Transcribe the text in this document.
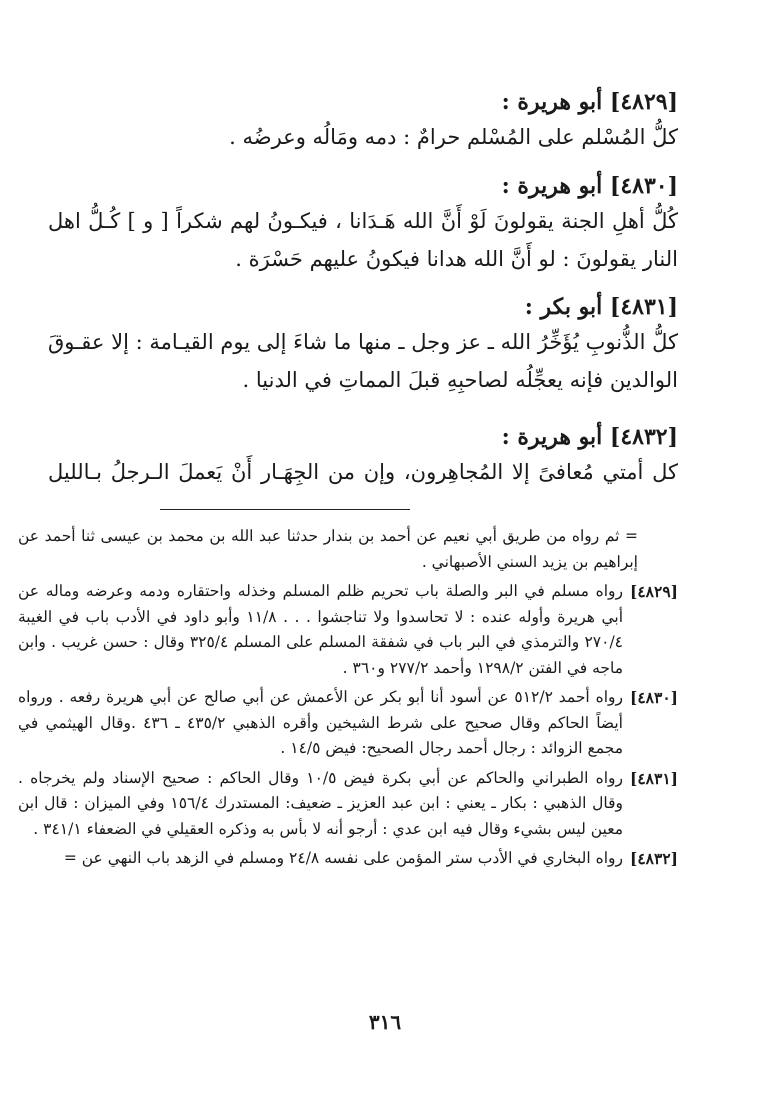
[٤٨٢٩] أبو هريرة :
كلُّ المُسْلم على المُسْلم حرامٌ : دمه ومَالُه وعرضُه .
[٤٨٣٠] أبو هريرة :
كُلُّ أهلِ الجنة يقولونَ لَوْ أَنَّ الله هَـدَانا ، فيكـونُ لهم شكراً [ و ] كُـلُّ اهل النار يقولونَ : لو أَنَّ الله هدانا فيكونُ عليهم حَسْرَة .
[٤٨٣١] أبو بكر :
كلُّ الذُّنوبِ يُؤَخِّرُ الله ـ عز وجل ـ منها ما شاءَ إلى يوم القيـامة : إلا عقـوقَ الوالدين فإنه يعجِّلُه لصاحبِهِ قبلَ المماتِ في الدنيا .
[٤٨٣٢] أبو هريرة :
كل أمتي مُعافىً إلا المُجاهِرون، وإن من الجِهَـار أَنْ يَعملَ الـرجلُ بـالليل
= ثم رواه من طريق أبي نعيم عن أحمد بن بندار حدثنا عبد الله بن محمد بن عيسى ثنا أحمد عن إبراهيم بن يزيد السني الأصبهاني .
[٤٨٢٩]
رواه مسلم في البر والصلة باب تحريم ظلم المسلم وخذله واحتقاره ودمه وعرضه وماله عن أبي هريرة وأوله عنده : لا تحاسدوا ولا تناجشوا . . . ١١/٨ وأبو داود في الأدب باب في الغيبة ٢٧٠/٤ والترمذي في البر باب في شفقة المسلم على المسلم ٣٢٥/٤ وقال : حسن غريب . وابن ماجه في الفتن ١٢٩٨/٢ وأحمد ٢٧٧/٢ و٣٦٠ .
[٤٨٣٠]
رواه أحمد ٥١٢/٢ عن أسود أنا أبو بكر عن الأعمش عن أبي صالح عن أبي هريرة رفعه . ورواه أيضاً الحاكم وقال صحيح على شرط الشيخين وأقره الذهبي ٤٣٥/٢ ـ ٤٣٦ .وقال الهيثمي في مجمع الزوائد : رجال أحمد رجال الصحيح: فيض ١٤/٥ .
[٤٨٣١]
رواه الطبراني والحاكم عن أبي بكرة فيض ١٠/٥ وقال الحاكم : صحيح الإسناد ولم يخرجاه . وقال الذهبي : بكار ـ يعني : ابن عبد العزيز ـ ضعيف: المستدرك ١٥٦/٤ وفي الميزان : قال ابن معين ليس بشيء وقال فيه ابن عدي : أرجو أنه لا بأس به وذكره العقيلي في الضعفاء ٣٤١/١ .
[٤٨٣٢]
رواه البخاري في الأدب ستر المؤمن على نفسه ٢٤/٨ ومسلم في الزهد باب النهي عن =
٣١٦
